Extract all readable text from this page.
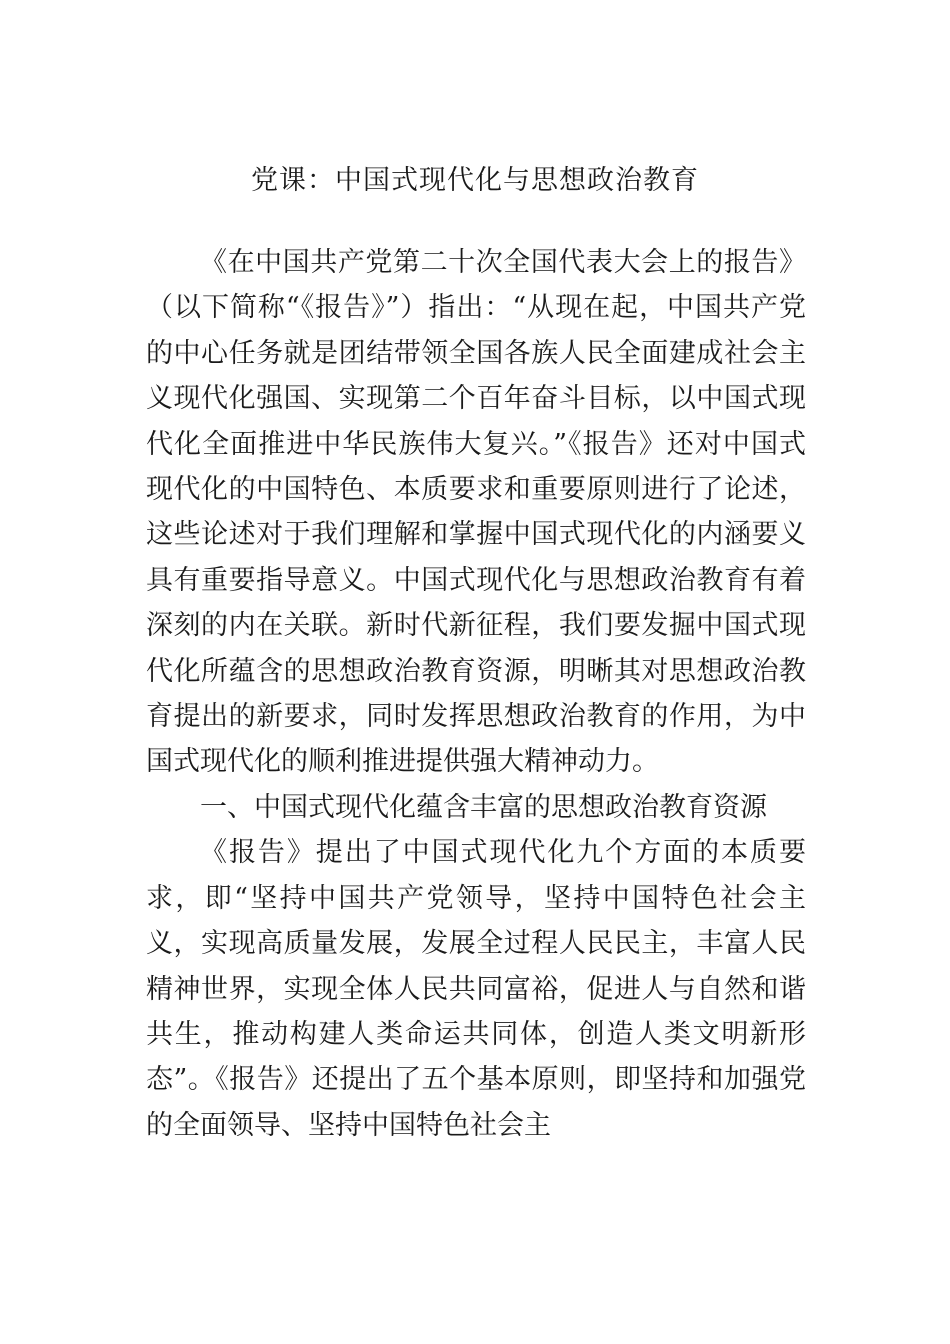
党课：中国式现代化与思想政治教育

《在中国共产党第二十次全国代表大会上的报告》（以下简称“《报告》”）指出：“从现在起，中国共产党的中心任务就是团结带领全国各族人民全面建成社会主义现代化强国、实现第二个百年奋斗目标，以中国式现代化全面推进中华民族伟大复兴。”《报告》还对中国式现代化的中国特色、本质要求和重要原则进行了论述，这些论述对于我们理解和掌握中国式现代化的内涵要义具有重要指导意义。中国式现代化与思想政治教育有着深刻的内在关联。新时代新征程，我们要发掘中国式现代化所蕴含的思想政治教育资源，明晰其对思想政治教育提出的新要求，同时发挥思想政治教育的作用，为中国式现代化的顺利推进提供强大精神动力。

一、中国式现代化蕴含丰富的思想政治教育资源

《报告》提出了中国式现代化九个方面的本质要求，即“坚持中国共产党领导，坚持中国特色社会主义，实现高质量发展，发展全过程人民民主，丰富人民精神世界，实现全体人民共同富裕，促进人与自然和谐共生，推动构建人类命运共同体，创造人类文明新形态”。《报告》还提出了五个基本原则，即坚持和加强党的全面领导、坚持中国特色社会主
